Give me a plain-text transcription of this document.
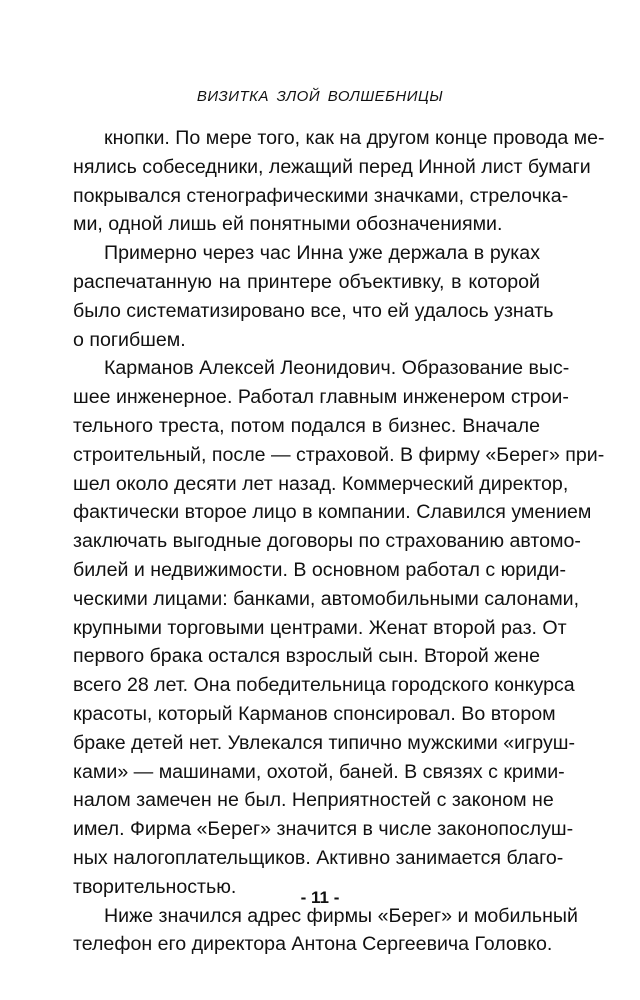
ВИЗИТКА ЗЛОЙ ВОЛШЕБНИЦЫ
кнопки. По мере того, как на другом конце провода ме-
нялись собеседники, лежащий перед Инной лист бумаги
покрывался стенографическими значками, стрелочка-
ми, одной лишь ей понятными обозначениями.
Примерно через час Инна уже держала в руках
распечатанную на принтере объективку, в которой
было систематизировано все, что ей удалось узнать
о погибшем.
Карманов Алексей Леонидович. Образование выс-
шее инженерное. Работал главным инженером строи-
тельного треста, потом подался в бизнес. Вначале
строительный, после — страховой. В фирму «Берег» при-
шел около десяти лет назад. Коммерческий директор,
фактически второе лицо в компании. Славился умением
заключать выгодные договоры по страхованию автомо-
билей и недвижимости. В основном работал с юриди-
ческими лицами: банками, автомобильными салонами,
крупными торговыми центрами. Женат второй раз. От
первого брака остался взрослый сын. Второй жене
всего 28 лет. Она победительница городского конкурса
красоты, который Карманов спонсировал. Во втором
браке детей нет. Увлекался типично мужскими «игруш-
ками» — машинами, охотой, баней. В связях с крими-
налом замечен не был. Неприятностей с законом не
имел. Фирма «Берег» значится в числе законопослуш-
ных налогоплательщиков. Активно занимается благо-
творительностью.
Ниже значился адрес фирмы «Берег» и мобильный
телефон его директора Антона Сергеевича Головко.
- 11 -
